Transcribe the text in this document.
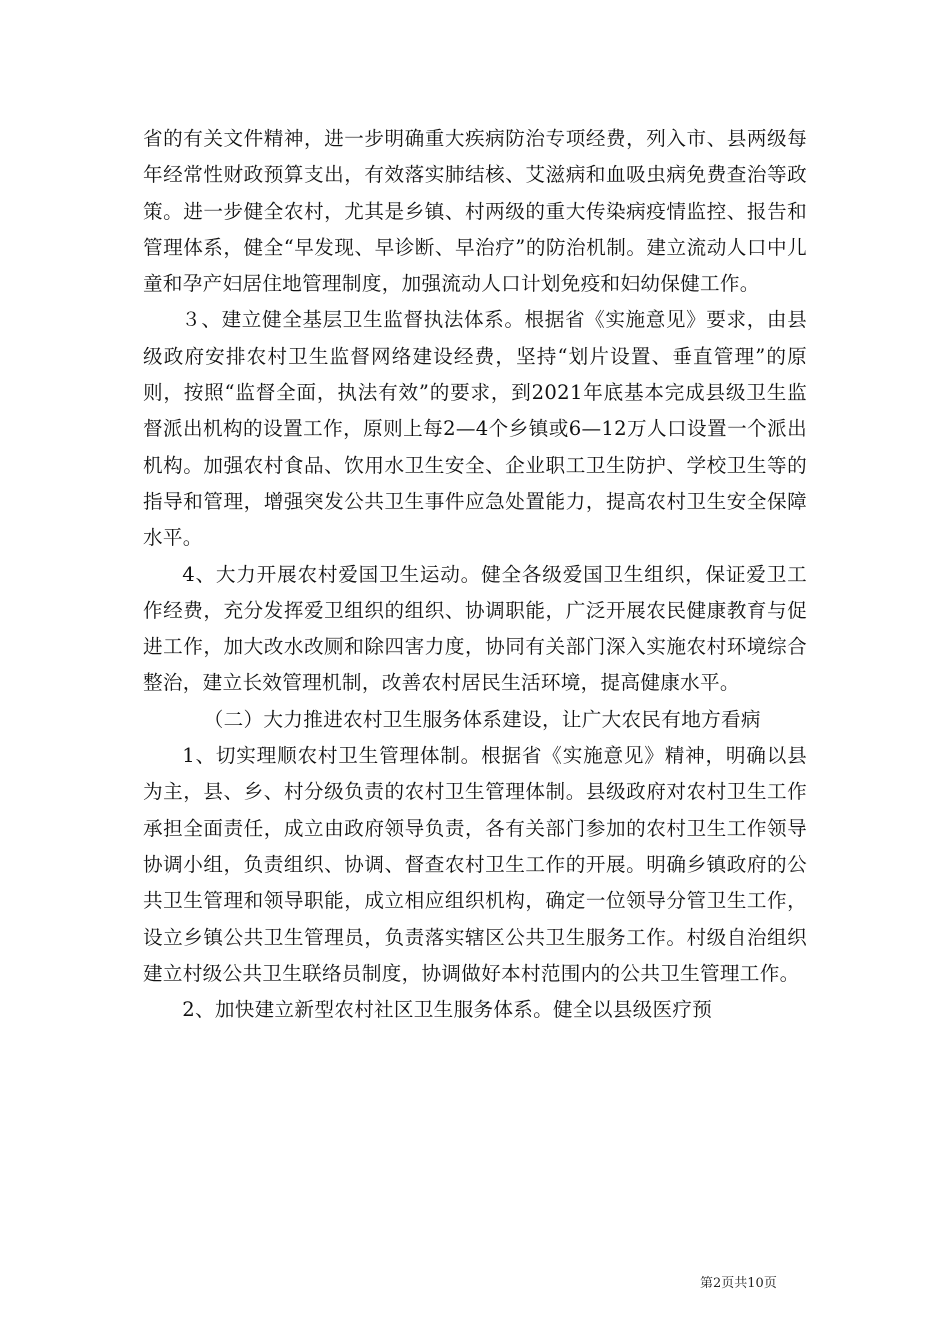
省的有关文件精神，进一步明确重大疾病防治专项经费，列入市、县两级每年经常性财政预算支出，有效落实肺结核、艾滋病和血吸虫病免费查治等政策。进一步健全农村，尤其是乡镇、村两级的重大传染病疫情监控、报告和管理体系，健全“早发现、早诊断、早治疗”的防治机制。建立流动人口中儿童和孕产妇居住地管理制度，加强流动人口计划免疫和妇幼保健工作。

３、建立健全基层卫生监督执法体系。根据省《实施意见》要求，由县级政府安排农村卫生监督网络建设经费，坚持“划片设置、垂直管理”的原则，按照“监督全面，执法有效”的要求，到2021年底基本完成县级卫生监督派出机构的设置工作，原则上每2—4个乡镇或6—12万人口设置一个派出机构。加强农村食品、饮用水卫生安全、企业职工卫生防护、学校卫生等的指导和管理，增强突发公共卫生事件应急处置能力，提高农村卫生安全保障水平。

4、大力开展农村爱国卫生运动。健全各级爱国卫生组织，保证爱卫工作经费，充分发挥爱卫组织的组织、协调职能，广泛开展农民健康教育与促进工作，加大改水改厕和除四害力度，协同有关部门深入实施农村环境综合整治，建立长效管理机制，改善农村居民生活环境，提高健康水平。

（二）大力推进农村卫生服务体系建设，让广大农民有地方看病

1、切实理顺农村卫生管理体制。根据省《实施意见》精神，明确以县为主，县、乡、村分级负责的农村卫生管理体制。县级政府对农村卫生工作承担全面责任，成立由政府领导负责，各有关部门参加的农村卫生工作领导协调小组，负责组织、协调、督查农村卫生工作的开展。明确乡镇政府的公共卫生管理和领导职能，成立相应组织机构，确定一位领导分管卫生工作，设立乡镇公共卫生管理员，负责落实辖区公共卫生服务工作。村级自治组织建立村级公共卫生联络员制度，协调做好本村范围内的公共卫生管理工作。

2、加快建立新型农村社区卫生服务体系。健全以县级医疗预

第2页共10页
